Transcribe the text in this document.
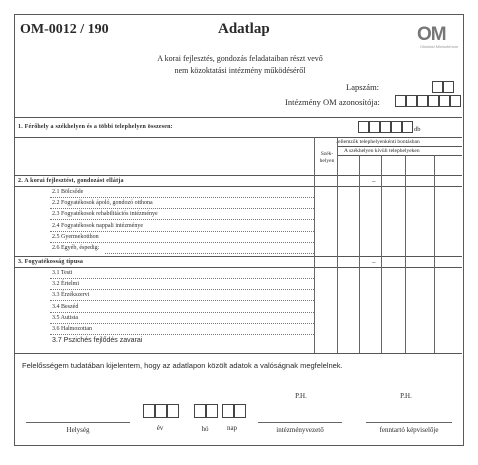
OM-0012 / 190	Adatlap	OM
Oktatási Minisztérium
A korai fejlesztés, gondozás feladataiban részt vevő
nem közoktatási intézmény működéséről
Lapszám:
Intézmény OM azonosítója:
1. Férőhely a székhelyen és a többi telephelyen összesen:	db
Jellemzők telephelyenkénti bontásban
A székhelyen kívüli telephelyeken
Szék-helyen
2. A korai fejlesztést, gondozást ellátja	–
2.1 Bölcsőde
2.2 Fogyatékosok ápoló, gondozó otthona
2.3 Fogyatékosok rehabilitációs intézménye
2.4 Fogyatékosok nappali intézménye
2.5 Gyermekotthon
2.6 Egyéb, éspedig:
3. Fogyatékosság típusa	–
3.1 Testi
3.2 Értelmi
3.3 Érzékszervi
3.4 Beszéd
3.5 Autista
3.6 Halmozottan
3.7 Pszichés fejlődés zavarai
Felelősségem tudatában kijelentem, hogy az adatlapon közölt adatok a valóságnak megfelelnek.
P.H.	P.H.
Helység	év	hó	nap	intézményvezető	fenntartó képviselője
